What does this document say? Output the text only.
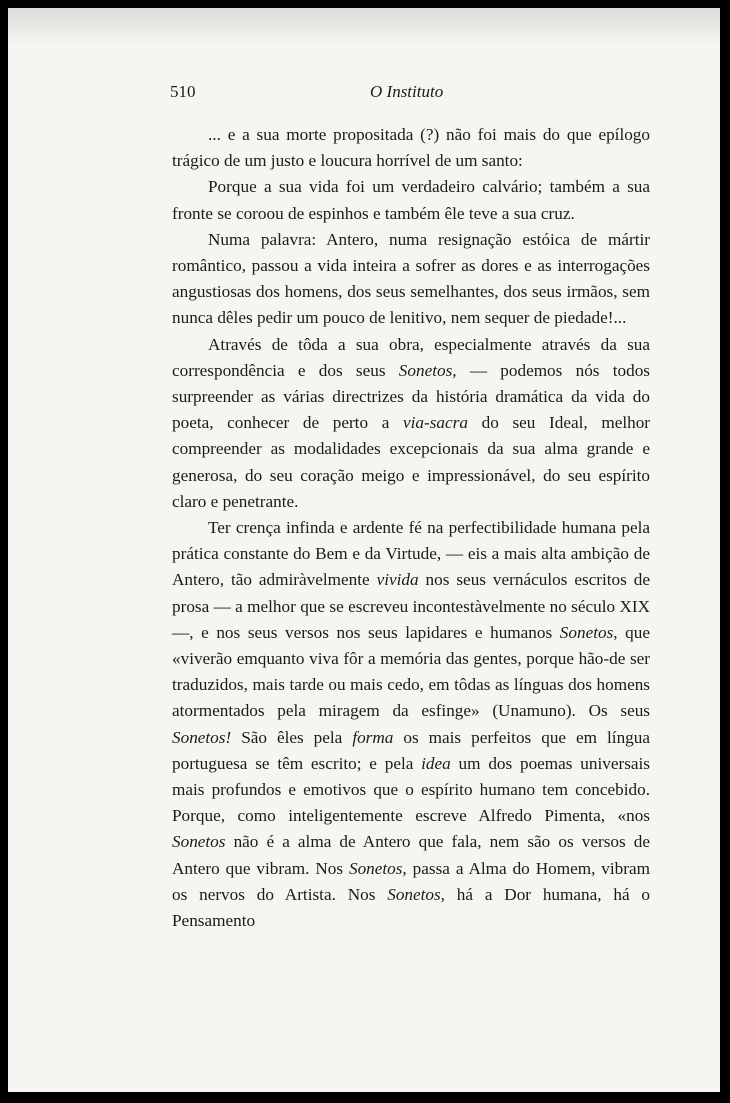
510	O Instituto

... e a sua morte propositada (?) não foi mais do que epílogo trágico de um justo e loucura horrível de um santo:

Porque a sua vida foi um verdadeiro calvário; também a sua fronte se coroou de espinhos e também êle teve a sua cruz.

Numa palavra: Antero, numa resignação estóica de mártir romântico, passou a vida inteira a sofrer as dores e as interrogações angustiosas dos homens, dos seus semelhantes, dos seus irmãos, sem nunca dêles pedir um pouco de lenitivo, nem sequer de piedade!...

Através de tôda a sua obra, especialmente através da sua correspondência e dos seus Sonetos, — podemos nós todos surpreender as várias directrizes da história dramática da vida do poeta, conhecer de perto a via-sacra do seu Ideal, melhor compreender as modalidades excepcionais da sua alma grande e generosa, do seu coração meigo e impressionável, do seu espírito claro e penetrante.

Ter crença infinda e ardente fé na perfectibilidade humana pela prática constante do Bem e da Virtude, — eis a mais alta ambição de Antero, tão admiràvelmente vivida nos seus vernáculos escritos de prosa — a melhor que se escreveu incontestàvelmente no século XIX —, e nos seus versos nos seus lapidares e humanos Sonetos, que «viverão emquanto viva fôr a memória das gentes, porque hão-de ser traduzidos, mais tarde ou mais cedo, em tôdas as línguas dos homens atormentados pela miragem da esfinge» (Unamuno). Os seus Sonetos! São êles pela forma os mais perfeitos que em língua portuguesa se têm escrito; e pela idea um dos poemas universais mais profundos e emotivos que o espírito humano tem concebido. Porque, como inteligentemente escreve Alfredo Pimenta, «nos Sonetos não é a alma de Antero que fala, nem são os versos de Antero que vibram. Nos Sonetos, passa a Alma do Homem, vibram os nervos do Artista. Nos Sonetos, há a Dor humana, há o Pensamento
